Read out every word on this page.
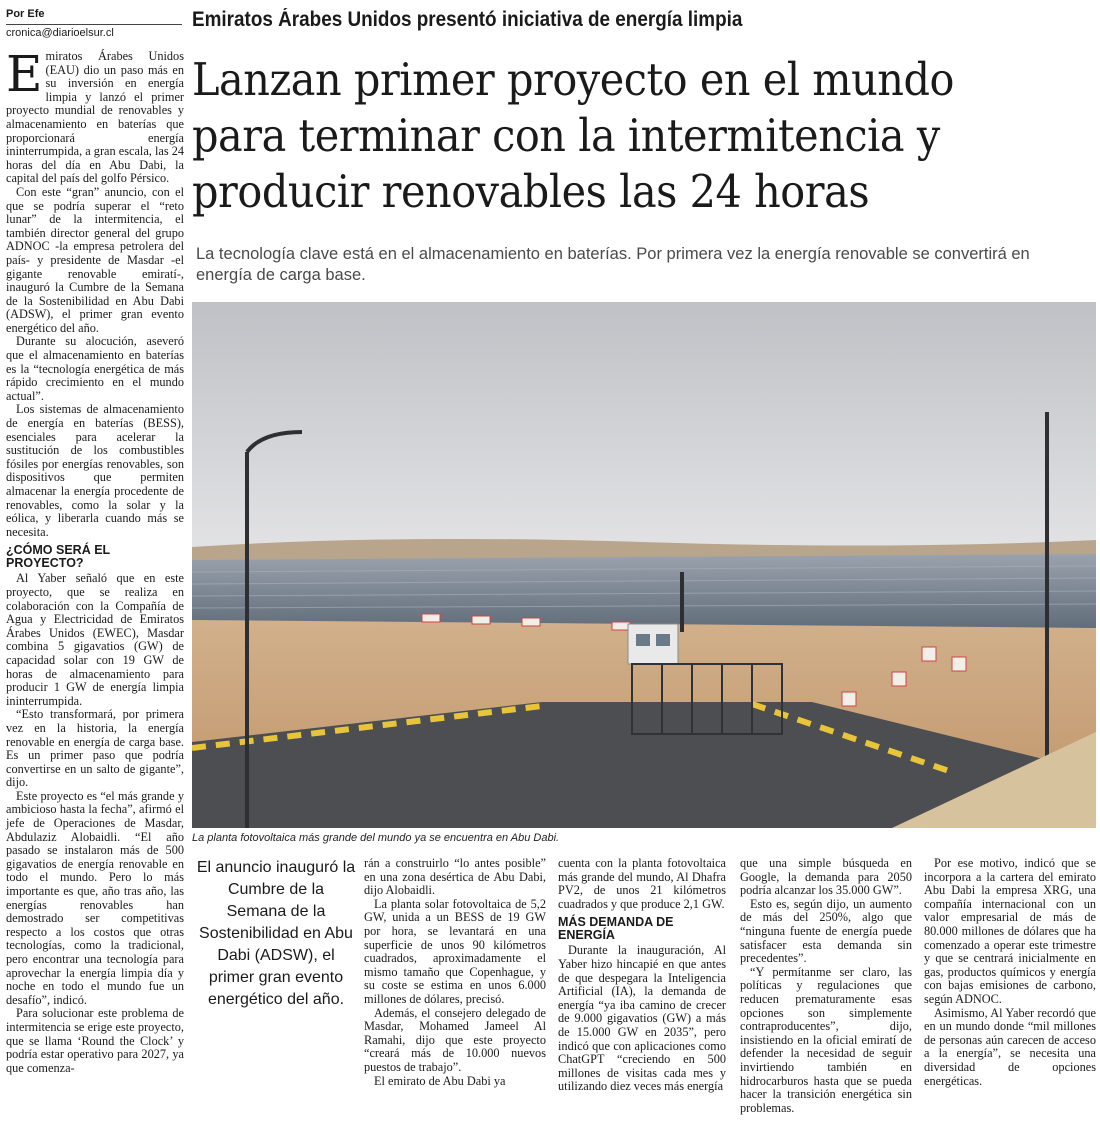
Por Efe
cronica@diarioelsur.cl
Emiratos Árabes Unidos presentó iniciativa de energía limpia
Lanzan primer proyecto en el mundo
para terminar con la intermitencia y
producir renovables las 24 horas
La tecnología clave está en el almacenamiento en baterías. Por primera vez la energía renovable se convertirá en energía de carga base.

Emiratos Árabes Unidos (EAU) dio un paso más en su inversión en energía limpia y lanzó el primer proyecto mundial de renovables y almacenamiento en baterías que proporcionará energía ininterrumpida, a gran escala, las 24 horas del día en Abu Dabi, la capital del país del golfo Pérsico.

Con este “gran” anuncio, con el que se podría superar el “reto lunar” de la intermitencia, el también director general del grupo ADNOC -la empresa petrolera del país- y presidente de Masdar -el gigante renovable emiratí-, inauguró la Cumbre de la Semana de la Sostenibilidad en Abu Dabi (ADSW), el primer gran evento energético del año.

Durante su alocución, aseveró que el almacenamiento en baterías es la “tecnología energética de más rápido crecimiento en el mundo actual”.

Los sistemas de almacenamiento de energía en baterías (BESS), esenciales para acelerar la sustitución de los combustibles fósiles por energías renovables, son dispositivos que permiten almacenar la energía procedente de renovables, como la solar y la eólica, y liberarla cuando más se necesita.

¿CÓMO SERÁ EL PROYECTO?

Al Yaber señaló que en este proyecto, que se realiza en colaboración con la Compañía de Agua y Electricidad de Emiratos Árabes Unidos (EWEC), Masdar combina 5 gigavatios (GW) de capacidad solar con 19 GW de horas de almacenamiento para producir 1 GW de energía limpia ininterrumpida.

“Esto transformará, por primera vez en la historia, la energía renovable en energía de carga base. Es un primer paso que podría convertirse en un salto de gigante”, dijo.

Este proyecto es “el más grande y ambicioso hasta la fecha”, afirmó el jefe de Operaciones de Masdar, Abdulaziz Alobaidli. “El año pasado se instalaron más de 500 gigavatios de energía renovable en todo el mundo. Pero lo más importante es que, año tras año, las energías renovables han demostrado ser competitivas respecto a los costos que otras tecnologías, como la tradicional, pero encontrar una tecnología para aprovechar la energía limpia día y noche en todo el mundo fue un desafío”, indicó.

Para solucionar este problema de intermitencia se erige este proyecto, que se llama ‘Round the Clock’ y podría estar operativo para 2027, ya que comenza-

La planta fotovoltaica más grande del mundo ya se encuentra en Abu Dabi.
El anuncio inauguró la Cumbre de la Semana de la Sostenibilidad en Abu Dabi (ADSW), el primer gran evento energético del año.

rán a construirlo “lo antes posible” en una zona desértica de Abu Dabi, dijo Alobaidli.

La planta solar fotovoltaica de 5,2 GW, unida a un BESS de 19 GW por hora, se levantará en una superficie de unos 90 kilómetros cuadrados, aproximadamente el mismo tamaño que Copenhague, y su coste se estima en unos 6.000 millones de dólares, precisó.

Además, el consejero delegado de Masdar, Mohamed Jameel Al Ramahi, dijo que este proyecto “creará más de 10.000 nuevos puestos de trabajo”.

El emirato de Abu Dabi ya

cuenta con la planta fotovoltaica más grande del mundo, Al Dhafra PV2, de unos 21 kilómetros cuadrados y que produce 2,1 GW.

MÁS DEMANDA DE ENERGÍA

Durante la inauguración, Al Yaber hizo hincapié en que antes de que despegara la Inteligencia Artificial (IA), la demanda de energía “ya iba camino de crecer de 9.000 gigavatios (GW) a más de 15.000 GW en 2035”, pero indicó que con aplicaciones como ChatGPT “creciendo en 500 millones de visitas cada mes y utilizando diez veces más energía

que una simple búsqueda en Google, la demanda para 2050 podría alcanzar los 35.000 GW”.

Esto es, según dijo, un aumento de más del 250%, algo que “ninguna fuente de energía puede satisfacer esta demanda sin precedentes”.

“Y permítanme ser claro, las políticas y regulaciones que reducen prematuramente esas opciones son simplemente contraproducentes”, dijo, insistiendo en la oficial emiratí de defender la necesidad de seguir invirtiendo también en hidrocarburos hasta que se pueda hacer la transición energética sin problemas.

Por ese motivo, indicó que se incorpora a la cartera del emirato Abu Dabi la empresa XRG, una compañía internacional con un valor empresarial de más de 80.000 millones de dólares que ha comenzado a operar este trimestre y que se centrará inicialmente en gas, productos químicos y energía con bajas emisiones de carbono, según ADNOC.

Asimismo, Al Yaber recordó que en un mundo donde “mil millones de personas aún carecen de acceso a la energía”, se necesita una diversidad de opciones energéticas.
